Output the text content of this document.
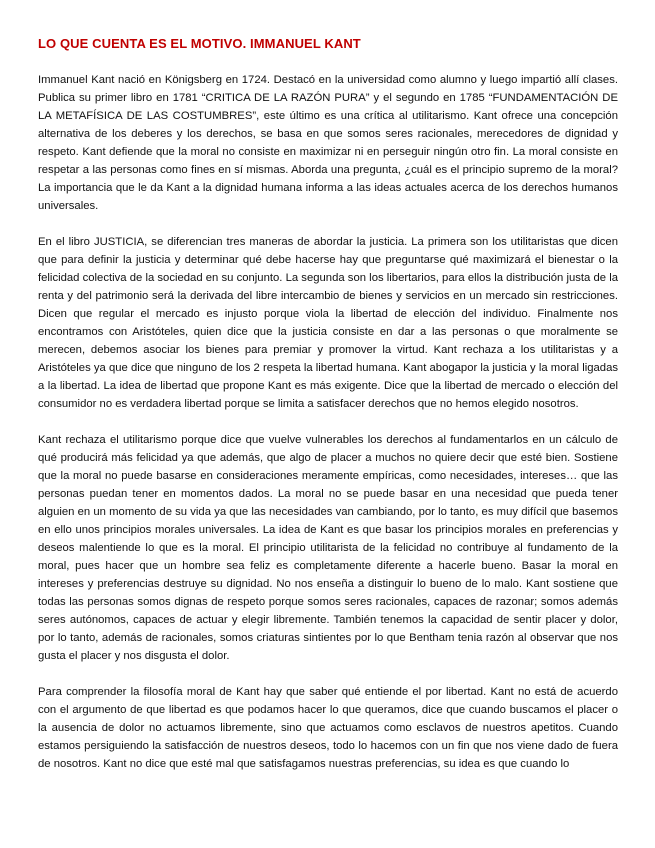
LO QUE CUENTA ES EL MOTIVO. IMMANUEL KANT

Immanuel Kant nació en Königsberg en 1724. Destacó en la universidad como alumno y luego impartió allí clases. Publica su primer libro en 1781 “CRITICA DE LA RAZÓN PURA” y el segundo en 1785 “FUNDAMENTACIÓN DE LA METAFÍSICA DE LAS COSTUMBRES”, este último es una crítica al utilitarismo. Kant ofrece una concepción alternativa de los deberes y los derechos, se basa en que somos seres racionales, merecedores de dignidad y respeto. Kant defiende que la moral no consiste en maximizar ni en perseguir ningún otro fin. La moral consiste en respetar a las personas como fines en sí mismas. Aborda una pregunta, ¿cuál es el principio supremo de la moral? La importancia que le da Kant a la dignidad humana informa a las ideas actuales acerca de los derechos humanos universales.

En el libro JUSTICIA, se diferencian tres maneras de abordar la justicia. La primera son los utilitaristas que dicen que para definir la justicia y determinar qué debe hacerse hay que preguntarse qué maximizará el bienestar o la felicidad colectiva de la sociedad en su conjunto. La segunda son los libertarios, para ellos la distribución justa de la renta y del patrimonio será la derivada del libre intercambio de bienes y servicios en un mercado sin restricciones. Dicen que regular el mercado es injusto porque viola la libertad de elección del individuo. Finalmente nos encontramos con Aristóteles, quien dice que la justicia consiste en dar a las personas o que moralmente se merecen, debemos asociar los bienes para premiar y promover la virtud. Kant rechaza a los utilitaristas y a Aristóteles ya que dice que ninguno de los 2 respeta la libertad humana. Kant abogapor la justicia y la moral ligadas a la libertad. La idea de libertad que propone Kant es más exigente. Dice que la libertad de mercado o elección del consumidor no es verdadera libertad porque se limita a satisfacer derechos que no hemos elegido nosotros.

Kant rechaza el utilitarismo porque dice que vuelve vulnerables los derechos al fundamentarlos en un cálculo de qué producirá más felicidad ya que además, que algo de placer a muchos no quiere decir que esté bien. Sostiene que la moral no puede basarse en consideraciones meramente empíricas, como necesidades, intereses… que las personas puedan tener en momentos dados. La moral no se puede basar en una necesidad que pueda tener alguien en un momento de su vida ya que las necesidades van cambiando, por lo tanto, es muy difícil que basemos en ello unos principios morales universales. La idea de Kant es que basar los principios morales en preferencias y deseos malentiende lo que es la moral. El principio utilitarista de la felicidad no contribuye al fundamento de la moral, pues hacer que un hombre sea feliz es completamente diferente a hacerle bueno. Basar la moral en intereses y preferencias destruye su dignidad. No nos enseña a distinguir lo bueno de lo malo. Kant sostiene que todas las personas somos dignas de respeto porque somos seres racionales, capaces de razonar; somos además seres autónomos, capaces de actuar y elegir libremente. También tenemos la capacidad de sentir placer y dolor, por lo tanto, además de racionales, somos criaturas sintientes por lo que Bentham tenia razón al observar que nos gusta el placer y nos disgusta el dolor.

Para comprender la filosofía moral de Kant hay que saber qué entiende el por libertad. Kant no está de acuerdo con el argumento de que libertad es que podamos hacer lo que queramos, dice que cuando buscamos el placer o la ausencia de dolor no actuamos libremente, sino que actuamos como esclavos de nuestros apetitos. Cuando estamos persiguiendo la satisfacción de nuestros deseos, todo lo hacemos con un fin que nos viene dado de fuera de nosotros. Kant no dice que esté mal que satisfagamos nuestras preferencias, su idea es que cuando lo
